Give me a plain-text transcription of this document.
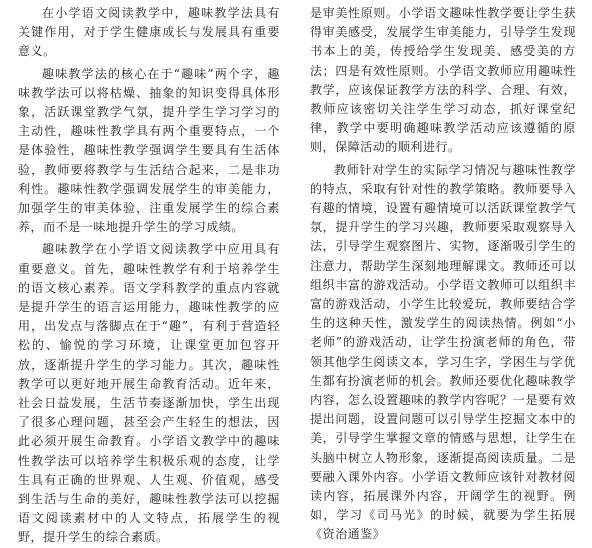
在小学语文阅读教学中，趣味教学法具有关键作用，对于学生健康成长与发展具有重要意义。

趣味教学法的核心在于“趣味”两个字，趣味教学法可以将枯燥、抽象的知识变得具体形象，活跃课堂教学气氛，提升学生学习学习的主动性，趣味性教学具有两个重要特点，一个是体验性，趣味性教学强调学生要具有生活体验，教师要将教学与生活结合起来，二是非功利性。趣味性教学强调发展学生的审美能力，加强学生的审美体验，注重发展学生的综合素养，而不是一味地提升学生的学习成绩。

趣味教学在小学语文阅读教学中应用具有重要意义。首先，趣味性教学有利于培养学生的语文核心素养。语文学科教学的重点内容就是提升学生的语言运用能力，趣味性教学的应用，出发点与落脚点在于“趣”，有利于营造轻松的、愉悦的学习环境，让课堂更加包容开放，逐渐提升学生的学习能力。其次，趣味性教学可以更好地开展生命教育活动。近年来，社会日益发展，生活节奏逐渐加快，学生出现了很多心理问题，甚至会产生轻生的想法，因此必须开展生命教育。小学语文教学中的趣味性教学法可以培养学生积极乐观的态度，让学生具有正确的世界观、人生观、价值观，感受到生活与生命的美好，趣味性教学法可以挖掘语文阅读素材中的人文特点，拓展学生的视野，提升学生的综合素质。

是审美性原则。小学语文趣味性教学要让学生获得审美感受，发展学生审美能力，引导学生发现书本上的美，传授给学生发现美、感受美的方法；四是有效性原则。小学语文教师应用趣味性教学，应该保证教学方法的科学、合理、有效，教师应该密切关注学生学习动态，抓好课堂纪律，教学中要明确趣味教学活动应该遵循的原则，保障活动的顺利进行。

教师针对学生的实际学习情况与趣味性教学的特点，采取有针对性的教学策略。教师要导入有趣的情境，设置有趣情境可以活跃课堂教学气氛，提升学生的学习兴趣，教师要采取观察导入法，引导学生观察图片、实物，逐渐吸引学生的注意力，帮助学生深刻地理解课文。教师还可以组织丰富的游戏活动。小学语文教师可以组织丰富的游戏活动，小学生比较爱玩，教师要结合学生的这种天性，激发学生的阅读热情。例如“小老师”的游戏活动，让学生扮演老师的角色，带领其他学生阅读文本，学习生字，学困生与学优生都有扮演老师的机会。教师还要优化趣味教学内容，怎么设置趣味的教学内容呢？一是要有效提出问题，设置问题可以引导学生挖掘文本中的美，引导学生掌握文章的情感与思想，让学生在头脑中树立人物形象，逐渐提高阅读质量。二是要融入课外内容。小学语文教师应该针对教材阅读内容，拓展课外内容，开阔学生的视野。例如，学习《司马光》的时候，就要为学生拓展《资治通鉴》
